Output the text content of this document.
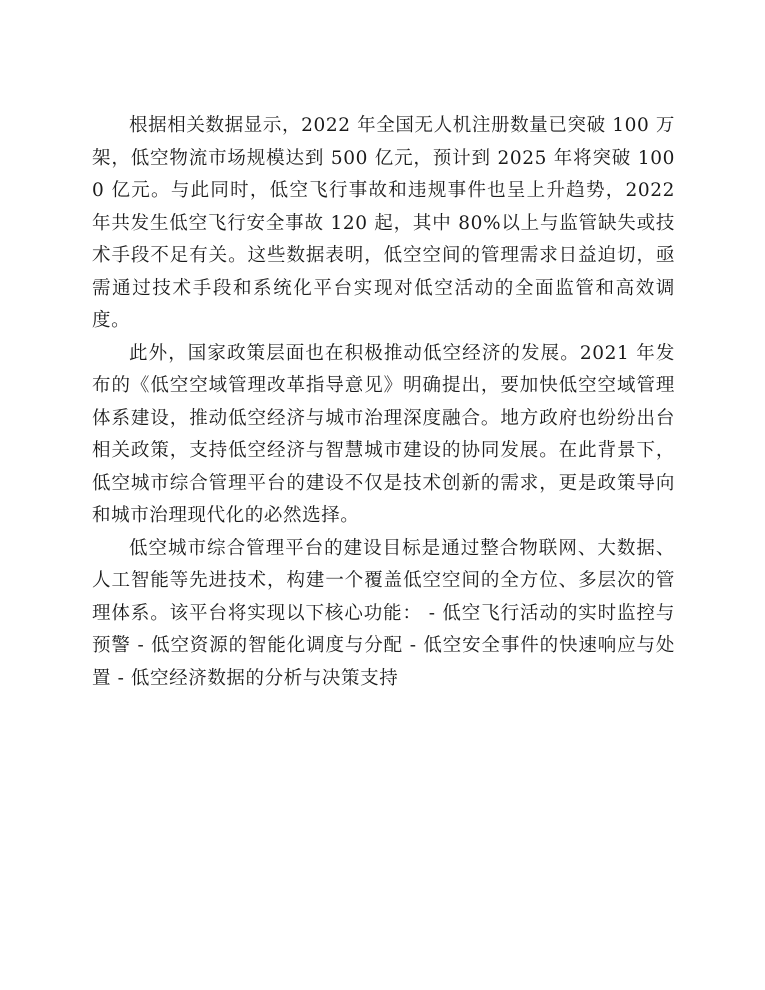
根据相关数据显示，2022 年全国无人机注册数量已突破 100 万架，低空物流市场规模达到 500 亿元，预计到 2025 年将突破 1000 亿元。与此同时，低空飞行事故和违规事件也呈上升趋势，2022 年共发生低空飞行安全事故 120 起，其中 80%以上与监管缺失或技术手段不足有关。这些数据表明，低空空间的管理需求日益迫切，亟需通过技术手段和系统化平台实现对低空活动的全面监管和高效调度。

此外，国家政策层面也在积极推动低空经济的发展。2021 年发布的《低空空域管理改革指导意见》明确提出，要加快低空空域管理体系建设，推动低空经济与城市治理深度融合。地方政府也纷纷出台相关政策，支持低空经济与智慧城市建设的协同发展。在此背景下，低空城市综合管理平台的建设不仅是技术创新的需求，更是政策导向和城市治理现代化的必然选择。

低空城市综合管理平台的建设目标是通过整合物联网、大数据、人工智能等先进技术，构建一个覆盖低空空间的全方位、多层次的管理体系。该平台将实现以下核心功能： - 低空飞行活动的实时监控与预警 - 低空资源的智能化调度与分配 - 低空安全事件的快速响应与处置 - 低空经济数据的分析与决策支持
